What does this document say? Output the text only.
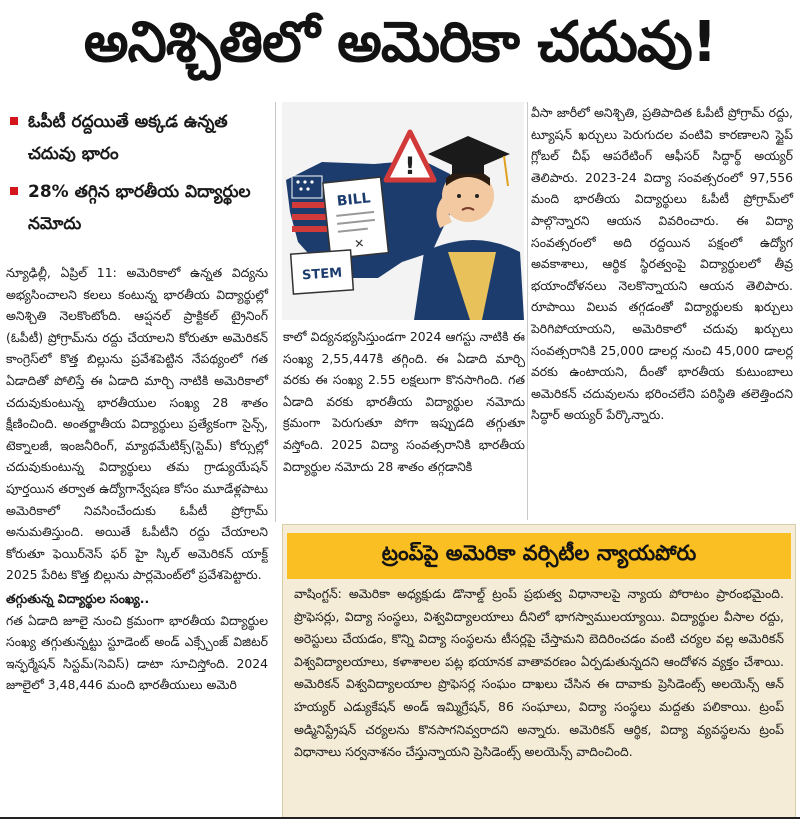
అనిశ్చితిలో అమెరికా చదువు!
ఓపీటీ రద్దయితే అక్కడ ఉన్నత చదువు భారం
28% తగ్గిన భారతీయ విద్యార్థుల నమోదు

న్యూఢిల్లీ, ఏప్రిల్ 11: అమెరికాలో ఉన్నత విద్యను అభ్యసించాలని కలలు కంటున్న భారతీయ విద్యార్థుల్లో అనిశ్చితి నెలకొంటోంది. ఆప్షనల్ ప్రాక్టికల్ ట్రైనింగ్ (ఓపీటీ) ప్రోగ్రామ్‌ను రద్దు చేయాలని కోరుతూ అమెరికన్ కాంగ్రెస్‌లో కొత్త బిల్లును ప్రవేశపెట్టిన నేపథ్యంలో గత ఏడాదితో పోలిస్తే ఈ ఏడాది మార్చి నాటికి అమెరికాలో చదువుకుంటున్న భారతీయుల సంఖ్య 28 శాతం క్షీణించింది. అంతర్జాతీయ విద్యార్థులు ప్రత్యేకంగా సైన్స్, టెక్నాలజీ, ఇంజనీరింగ్, మ్యాథమేటిక్స్(స్టెమ్) కోర్సుల్లో చదువుకుంటున్న విద్యార్థులు తమ గ్రాడ్యుయేషన్ పూర్తయిన తర్వాత ఉద్యోగాన్వేషణ కోసం మూడేళ్లపాటు అమెరికాలో నివసించేందుకు ఓపీటీ ప్రోగ్రామ్ అనుమతిస్తుంది. అయితే ఓపీటీని రద్దు చేయాలని కోరుతూ ఫెయిర్‌నెస్ ఫర్ హై స్కిల్ అమెరికన్ యాక్ట్ 2025 పేరిట కొత్త బిల్లును పార్లమెంట్‌లో ప్రవేశపెట్టారు.

తగ్గుతున్న విద్యార్థుల సంఖ్య..

గత ఏడాది జూలై నుంచి క్రమంగా భారతీయ విద్యార్థుల సంఖ్య తగ్గుతున్నట్టు స్టూడెంట్ అండ్ ఎక్స్చేంజ్ విజిటర్ ఇన్ఫర్మేషన్ సిస్టమ్(సెవిస్) డాటా సూచిస్తోంది. 2024 జూలైలో 3,48,446 మంది భారతీయులు అమెరి

BILL
✕
STEM
!

కాలో విద్యనభ్యసిస్తుండగా 2024 ఆగస్టు నాటికి ఈ సంఖ్య 2,55,447కి తగ్గింది. ఈ ఏడాది మార్చి వరకు ఈ సంఖ్య 2.55 లక్షలుగా కొనసాగింది. గత ఏడాది వరకు భారతీయ విద్యార్థుల నమోదు క్రమంగా పెరుగుతూ పోగా ఇప్పుడది తగ్గుతూ వస్తోంది. 2025 విద్యా సంవత్సరానికి భారతీయ విద్యార్థుల నమోదు 28 శాతం తగ్గడానికి

వీసా జారీలో అనిశ్చితి, ప్రతిపాదిత ఓపీటీ ప్రోగ్రామ్ రద్దు, ట్యూషన్ ఖర్చులు పెరుగుదల వంటివి కారణాలని స్టైప్ గ్లోబల్ చీఫ్ ఆపరేటింగ్ ఆఫీసర్ సిద్ధార్థ్ అయ్యర్ తెలిపారు. 2023-24 విద్యా సంవత్సరంలో 97,556 మంది భారతీయ విద్యార్థులు ఓపీటీ ప్రోగ్రామ్‌లో పాల్గొన్నారని ఆయన వివరించారు. ఈ విద్యా సంవత్సరంలో అది రద్దయిన పక్షంలో ఉద్యోగ అవకాశాలు, ఆర్థిక స్థిరత్వంపై విద్యార్థులలో తీవ్ర భయాందోళనలు నెలకొన్నాయని ఆయన తెలిపారు. రూపాయి విలువ తగ్గడంతో విద్యార్థులకు ఖర్చులు పెరిగిపోయాయని, అమెరికాలో చదువు ఖర్చులు సంవత్సరానికి 25,000 డాలర్ల నుంచి 45,000 డాలర్ల వరకు ఉంటాయని, దీంతో భారతీయ కుటుంబాలు అమెరికన్ చదువులను భరించలేని పరిస్థితి తలెత్తిందని సిద్ధార్ అయ్యర్ పేర్కొన్నారు.

ట్రంప్‌పై అమెరికా వర్సిటీల న్యాయపోరు
వాషింగ్టన్: అమెరికా అధ్యక్షుడు డొనాల్డ్ ట్రంప్ ప్రభుత్వ విధానాలపై న్యాయ పోరాటం ప్రారంభమైంది. ప్రొఫెసర్లు, విద్యా సంస్థలు, విశ్వవిద్యాలయాలు దీనిలో భాగస్వాములయ్యాయి. విద్యార్థుల వీసాల రద్దు, అరెస్టులు చేయడం, కొన్ని విద్యా సంస్థలను టీసర్లపై చేస్తామని బెదిరించడం వంటి చర్యల వల్ల అమెరికన్ విశ్వవిద్యాలయాలు, కళాశాలల పట్ల భయానక వాతావరణం ఏర్పడుతున్నదని ఆందోళన వ్యక్తం చేశాయి. అమెరికన్ విశ్వవిద్యాలయాల ప్రొఫెసర్ల సంఘం దాఖలు చేసిన ఈ దావాకు ప్రెసిడెంట్స్ అలయెన్స్ ఆన్ హయ్యర్ ఎడ్యుకేషన్ అండ్ ఇమ్మిగ్రేషన్, 86 సంఘాలు, విద్యా సంస్థలు మద్దతు పలికాయి. ట్రంప్ అడ్మినిస్ట్రేషన్ చర్యలను కొనసాగనివ్వరాదని అన్నారు. అమెరికన్ ఆర్థిక, విద్యా వ్యవస్థలను ట్రంప్ విధానాలు సర్వనాశనం చేస్తున్నాయని ప్రెసిడెంట్స్ అలయెన్స్ వాదించింది.
